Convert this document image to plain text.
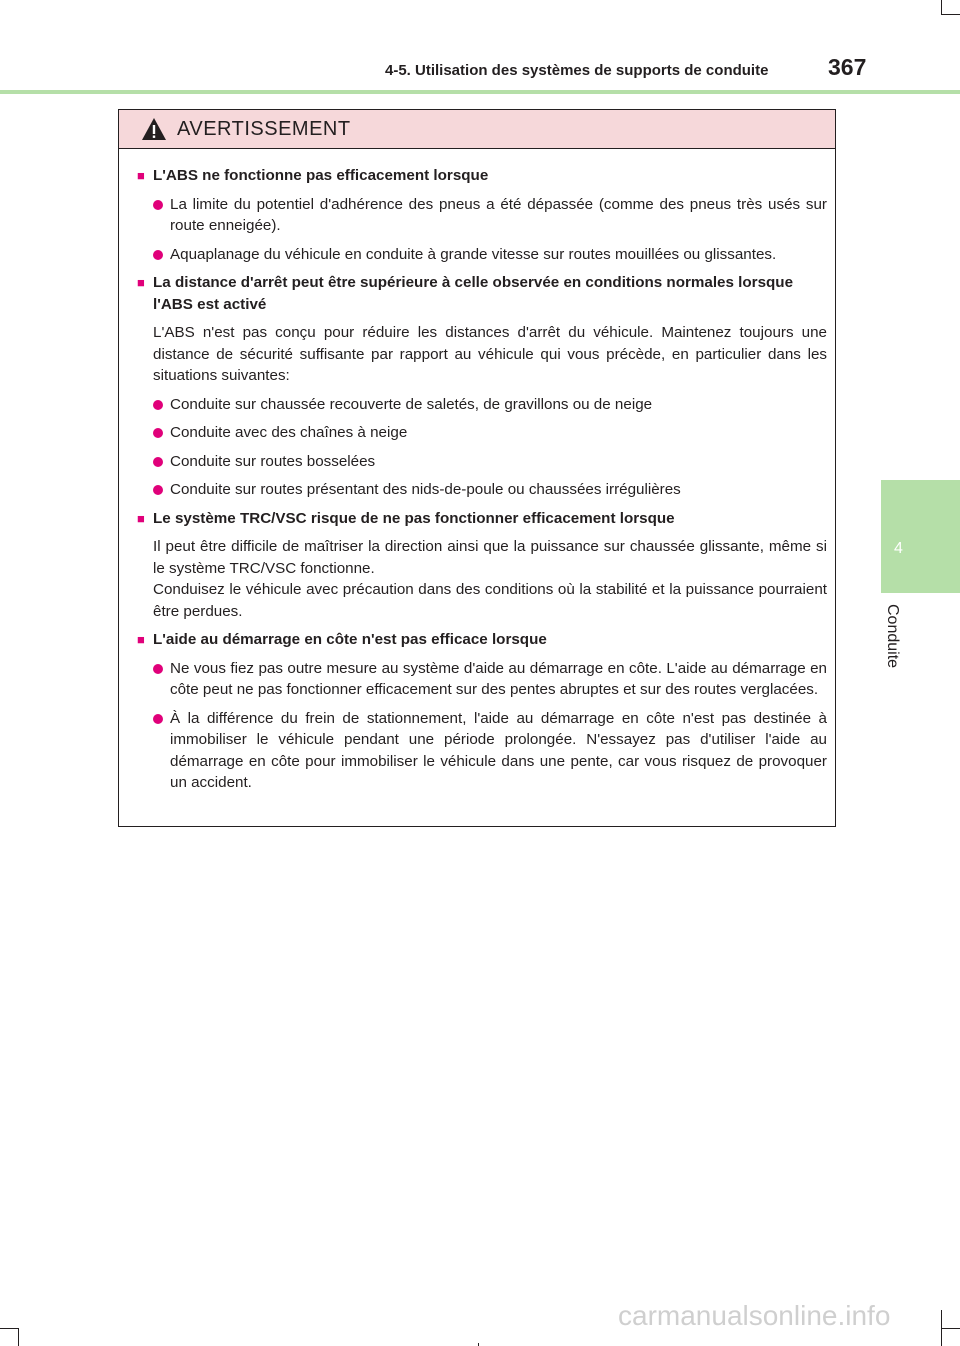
4-5. Utilisation des systèmes de supports de conduite	367
4
Conduite
AVERTISSEMENT
■ L'ABS ne fonctionne pas efficacement lorsque
La limite du potentiel d'adhérence des pneus a été dépassée (comme des pneus très usés sur route enneigée).
Aquaplanage du véhicule en conduite à grande vitesse sur routes mouillées ou glissantes.
■ La distance d'arrêt peut être supérieure à celle observée en conditions normales lorsque l'ABS est activé
L'ABS n'est pas conçu pour réduire les distances d'arrêt du véhicule. Maintenez toujours une distance de sécurité suffisante par rapport au véhicule qui vous précède, en particulier dans les situations suivantes:
Conduite sur chaussée recouverte de saletés, de gravillons ou de neige
Conduite avec des chaînes à neige
Conduite sur routes bosselées
Conduite sur routes présentant des nids-de-poule ou chaussées irrégulières
■ Le système TRC/VSC risque de ne pas fonctionner efficacement lorsque
Il peut être difficile de maîtriser la direction ainsi que la puissance sur chaussée glissante, même si le système TRC/VSC fonctionne.
Conduisez le véhicule avec précaution dans des conditions où la stabilité et la puissance pourraient être perdues.
■ L'aide au démarrage en côte n'est pas efficace lorsque
Ne vous fiez pas outre mesure au système d'aide au démarrage en côte. L'aide au démarrage en côte peut ne pas fonctionner efficacement sur des pentes abruptes et sur des routes verglacées.
À la différence du frein de stationnement, l'aide au démarrage en côte n'est pas destinée à immobiliser le véhicule pendant une période prolongée. N'essayez pas d'utiliser l'aide au démarrage en côte pour immobiliser le véhicule dans une pente, car vous risquez de provoquer un accident.
carmanualsonline.info
